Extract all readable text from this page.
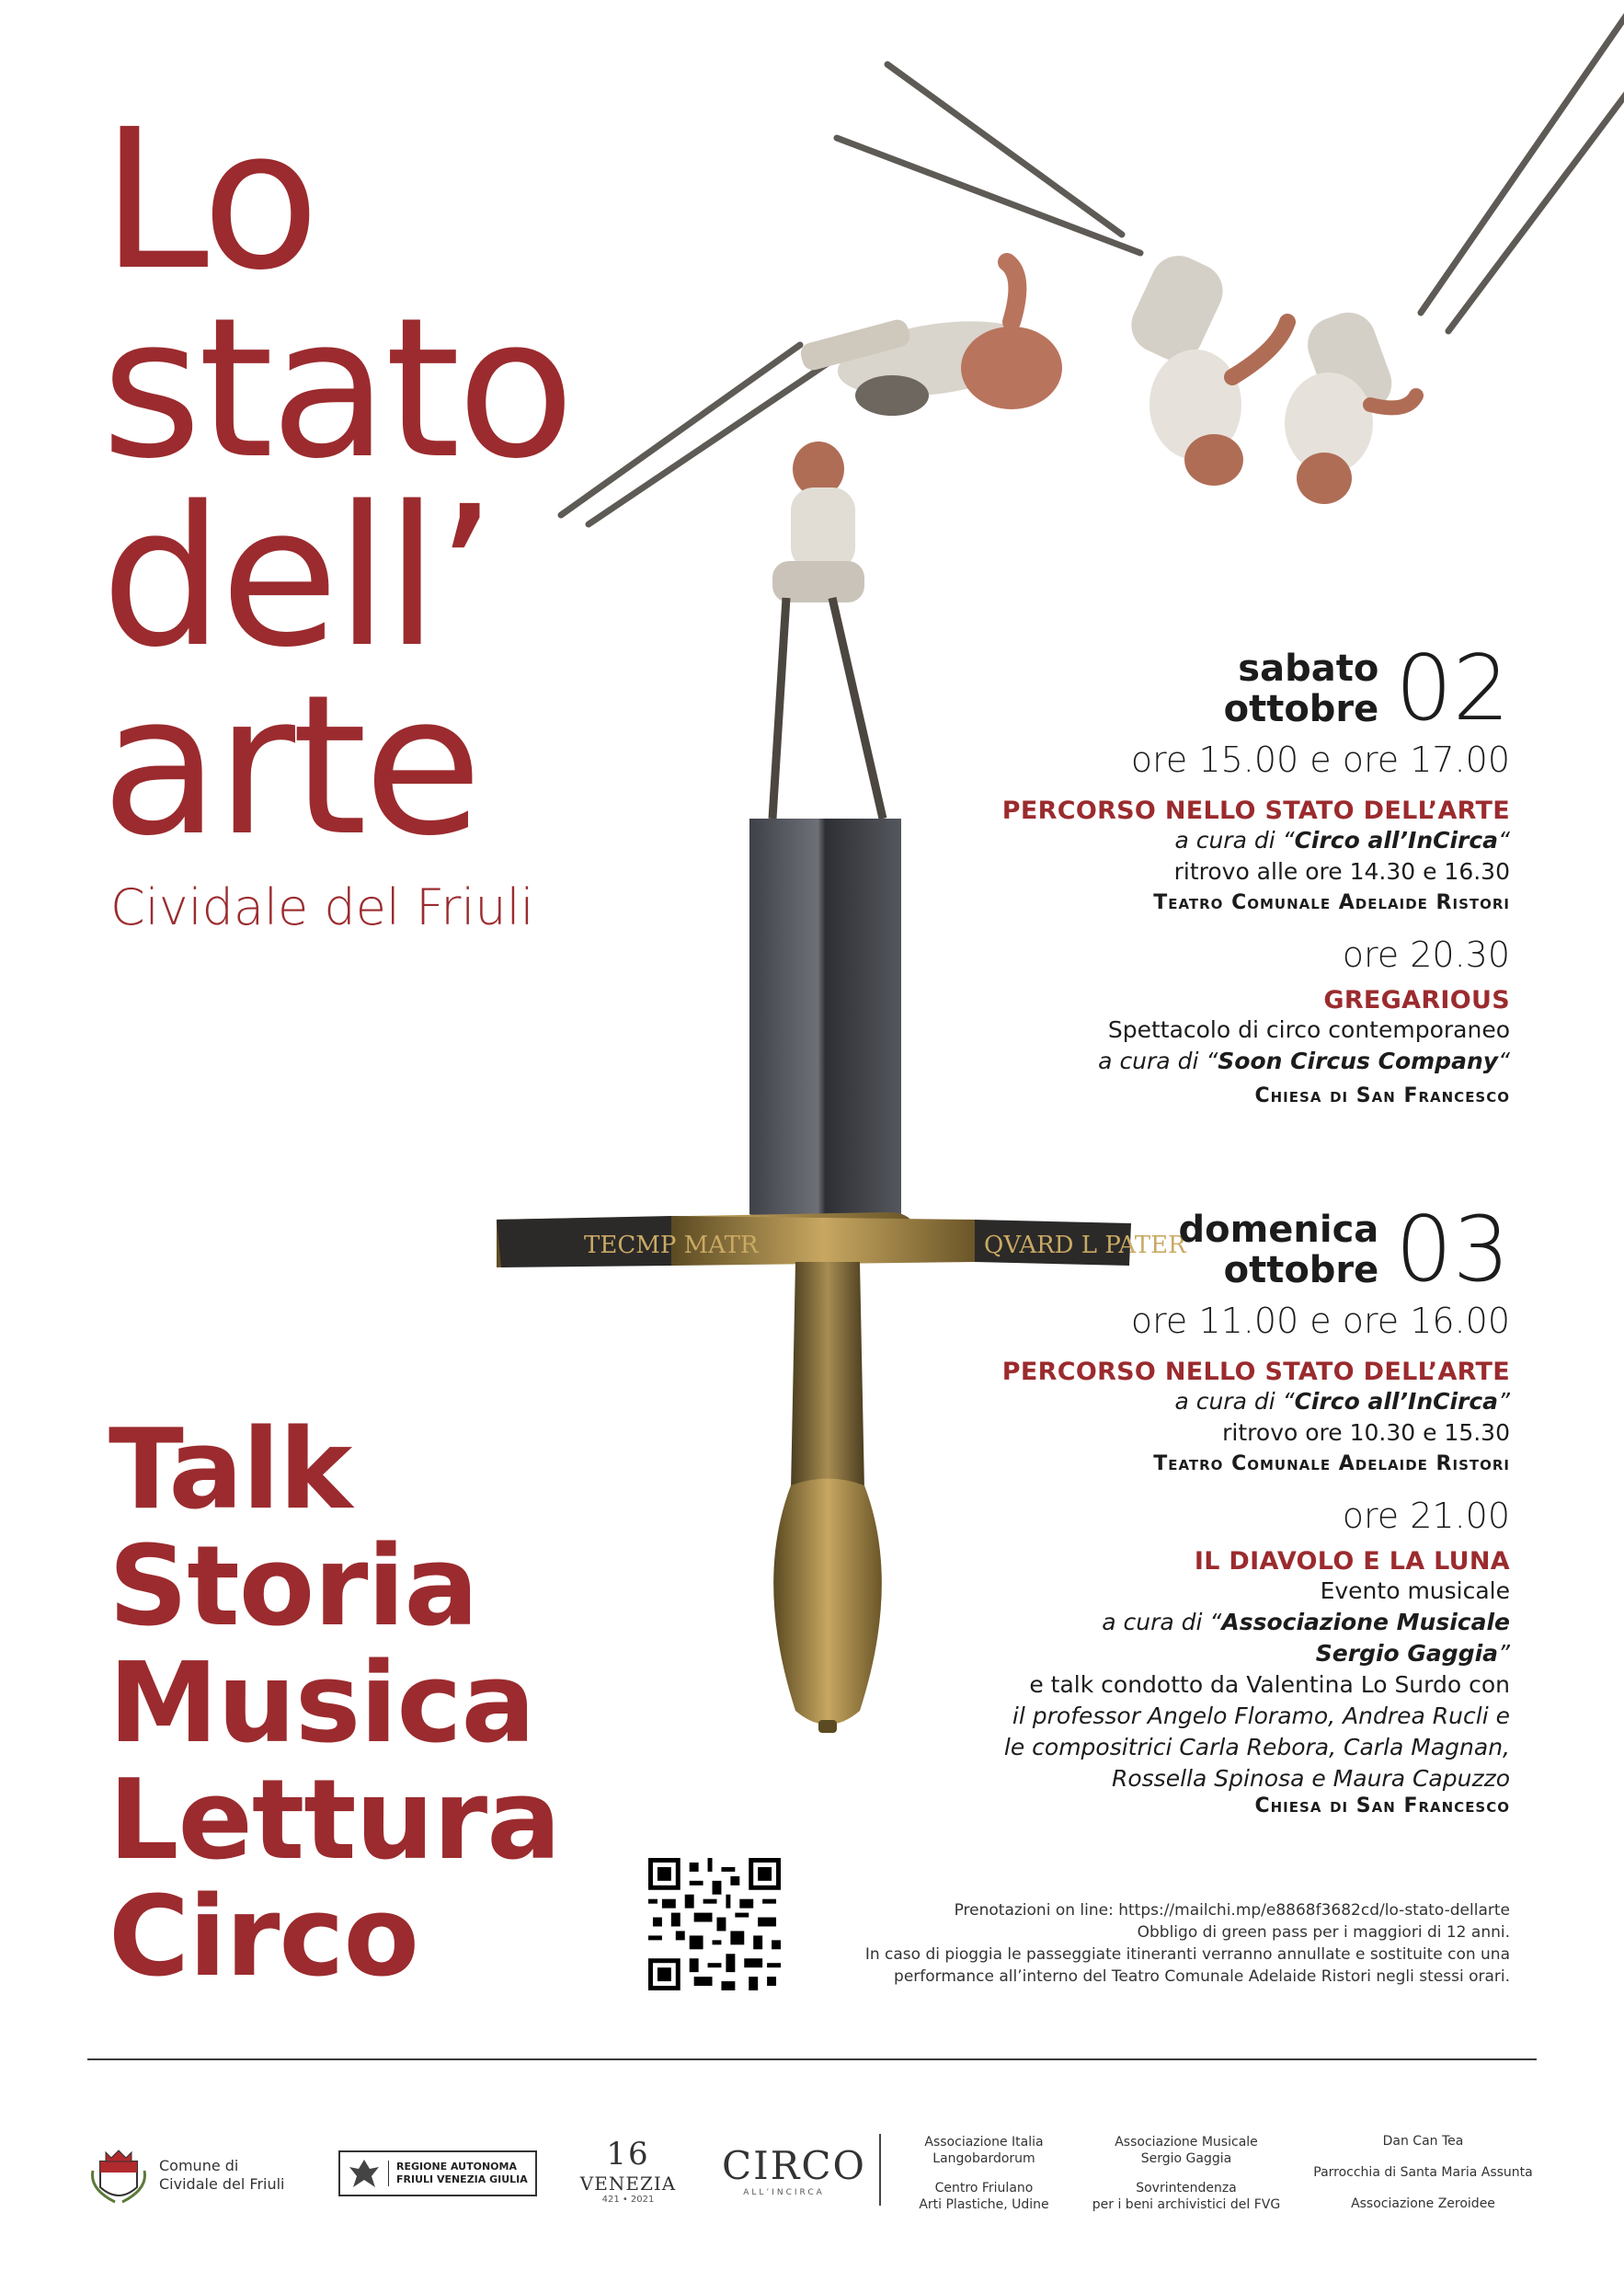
Lo
stato
dell’
arte
Cividale del Friuli
Talk
Storia
Musica
Lettura
Circo
TECMP MATR	QVARD L PATER
sabato
ottobre 02
ore 15.00 e ore 17.00
PERCORSO NELLO STATO DELL’ARTE
a cura di “Circo all’InCirca“
ritrovo alle ore 14.30 e 16.30
Teatro Comunale Adelaide Ristori
ore 20.30
GREGARIOUS
Spettacolo di circo contemporaneo
a cura di “Soon Circus Company“
Chiesa di San Francesco
domenica
ottobre 03
ore 11.00 e ore 16.00
PERCORSO NELLO STATO DELL’ARTE
a cura di “Circo all’InCirca”
ritrovo ore 10.30 e 15.30
Teatro Comunale Adelaide Ristori
ore 21.00
IL DIAVOLO E LA LUNA
Evento musicale
a cura di “Associazione Musicale
Sergio Gaggia”
e talk condotto da Valentina Lo Surdo con
il professor Angelo Floramo, Andrea Rucli e
le compositrici Carla Rebora, Carla Magnan,
Rossella Spinosa e Maura Capuzzo
Chiesa di San Francesco
Prenotazioni on line: https://mailchi.mp/e8868f3682cd/lo-stato-dellarte
Obbligo di green pass per i maggiori di 12 anni.
In caso di pioggia le passeggiate itineranti verranno annullate e sostituite con una
performance all’interno del Teatro Comunale Adelaide Ristori negli stessi orari.
Comune di
Cividale del Friuli
REGIONE AUTONOMA
FRIULI VENEZIA GIULIA
16
VENEZIA
421 • 2021
CIRCO
ALL’INCIRCA
Associazione Italia
Langobardorum
Centro Friulano
Arti Plastiche, Udine
Associazione Musicale
Sergio Gaggia
Sovrintendenza
per i beni archivistici del FVG
Dan Can Tea
Parrocchia di Santa Maria Assunta
Associazione Zeroidee
